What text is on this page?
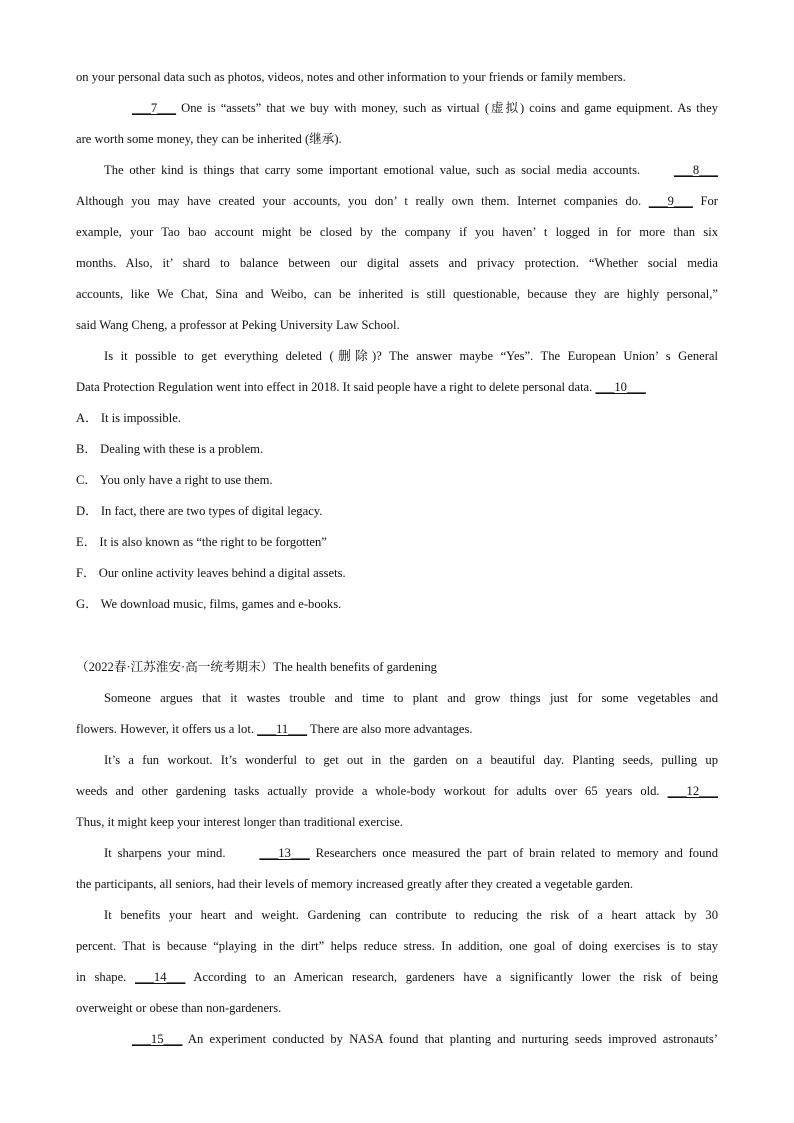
on your personal data such as photos, videos, notes and other information to your friends or family members.
___7___ One is “assets” that we buy with money, such as virtual (虚拟) coins and game equipment. As they
are worth some money, they can be inherited (继承).
The other kind is things that carry some important emotional value, such as social media accounts. ___8___
Although you may have created your accounts, you don’ t really own them. Internet companies do. ___9___ For
example, your Tao bao account might be closed by the company if you haven’ t logged in for more than six
months. Also, it’ shard to balance between our digital assets and privacy protection. “Whether social media
accounts, like We Chat, Sina and Weibo, can be inherited is still questionable, because they are highly personal,”
said Wang Cheng, a professor at Peking University Law School.
Is it possible to get everything deleted (删除)? The answer maybe “Yes”. The European Union’ s General
Data Protection Regulation went into effect in 2018. It said people have a right to delete personal data. ___10___
A． It is impossible.
B． Dealing with these is a problem.
C． You only have a right to use them.
D． In fact, there are two types of digital legacy.
E． It is also known as “the right to be forgotten”
F． Our online activity leaves behind a digital assets.
G． We download music, films, games and e-books.
（2022春·江苏淮安·高一统考期末）The health benefits of gardening
Someone argues that it wastes trouble and time to plant and grow things just for some vegetables and
flowers. However, it offers us a lot. ___11___ There are also more advantages.
It’s a fun workout. It’s wonderful to get out in the garden on a beautiful day. Planting seeds, pulling up
weeds and other gardening tasks actually provide a whole-body workout for adults over 65 years old. ___12___
Thus, it might keep your interest longer than traditional exercise.
It sharpens your mind. ___13___ Researchers once measured the part of brain related to memory and found
the participants, all seniors, had their levels of memory increased greatly after they created a vegetable garden.
It benefits your heart and weight. Gardening can contribute to reducing the risk of a heart attack by 30
percent. That is because “playing in the dirt” helps reduce stress. In addition, one goal of doing exercises is to stay
in shape. ___14___ According to an American research, gardeners have a significantly lower the risk of being
overweight or obese than non-gardeners.
___15___ An experiment conducted by NASA found that planting and nurturing seeds improved astronauts’
